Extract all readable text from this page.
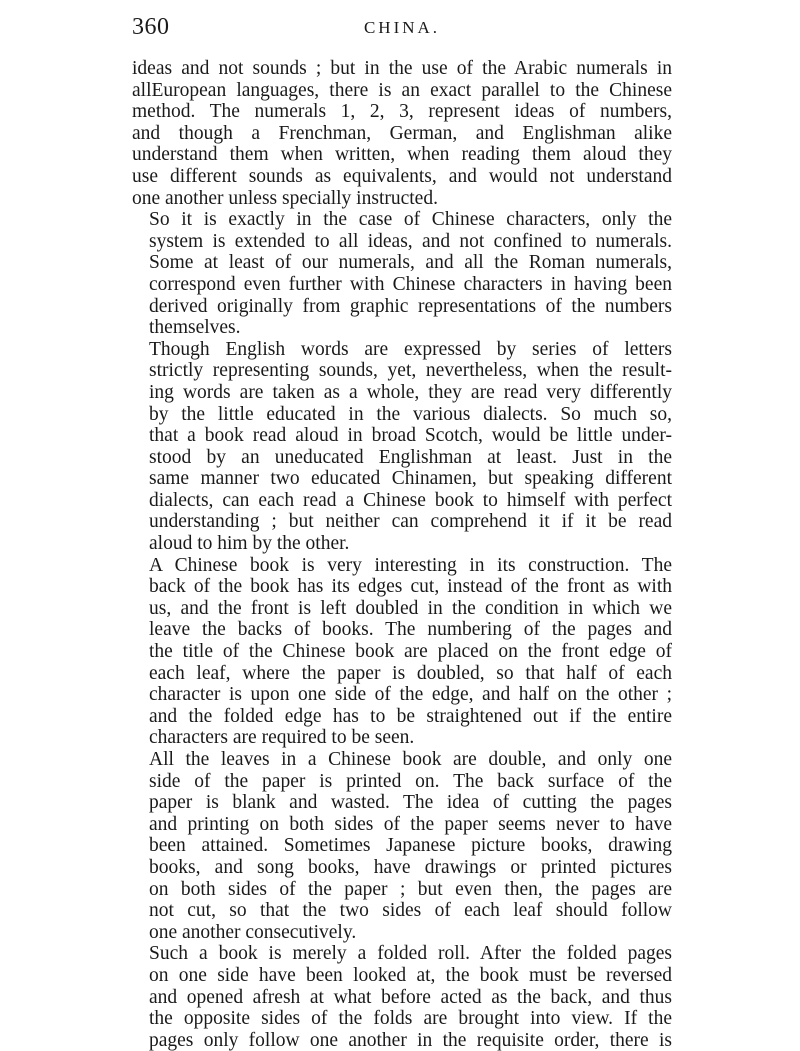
360	CHINA.

ideas and not sounds ; but in the use of the Arabic numerals in
allEuropean languages, there is an exact parallel to the Chinese
method. The numerals 1, 2, 3, represent ideas of numbers,
and though a Frenchman, German, and Englishman alike
understand them when written, when reading them aloud they
use different sounds as equivalents, and would not understand
one another unless specially instructed.

So it is exactly in the case of Chinese characters, only the
system is extended to all ideas, and not confined to numerals.
Some at least of our numerals, and all the Roman numerals,
correspond even further with Chinese characters in having been
derived originally from graphic representations of the numbers
themselves.

Though English words are expressed by series of letters
strictly representing sounds, yet, nevertheless, when the result-
ing words are taken as a whole, they are read very differently
by the little educated in the various dialects. So much so,
that a book read aloud in broad Scotch, would be little under-
stood by an uneducated Englishman at least. Just in the
same manner two educated Chinamen, but speaking different
dialects, can each read a Chinese book to himself with perfect
understanding ; but neither can comprehend it if it be read
aloud to him by the other.

A Chinese book is very interesting in its construction. The
back of the book has its edges cut, instead of the front as with
us, and the front is left doubled in the condition in which we
leave the backs of books. The numbering of the pages and
the title of the Chinese book are placed on the front edge of
each leaf, where the paper is doubled, so that half of each
character is upon one side of the edge, and half on the other ;
and the folded edge has to be straightened out if the entire
characters are required to be seen.

All the leaves in a Chinese book are double, and only one
side of the paper is printed on. The back surface of the
paper is blank and wasted. The idea of cutting the pages
and printing on both sides of the paper seems never to have
been attained. Sometimes Japanese picture books, drawing
books, and song books, have drawings or printed pictures
on both sides of the paper ; but even then, the pages are
not cut, so that the two sides of each leaf should follow
one another consecutively.

Such a book is merely a folded roll. After the folded pages
on one side have been looked at, the book must be reversed
and opened afresh at what before acted as the back, and thus
the opposite sides of the folds are brought into view. If the
pages only follow one another in the requisite order, there is
